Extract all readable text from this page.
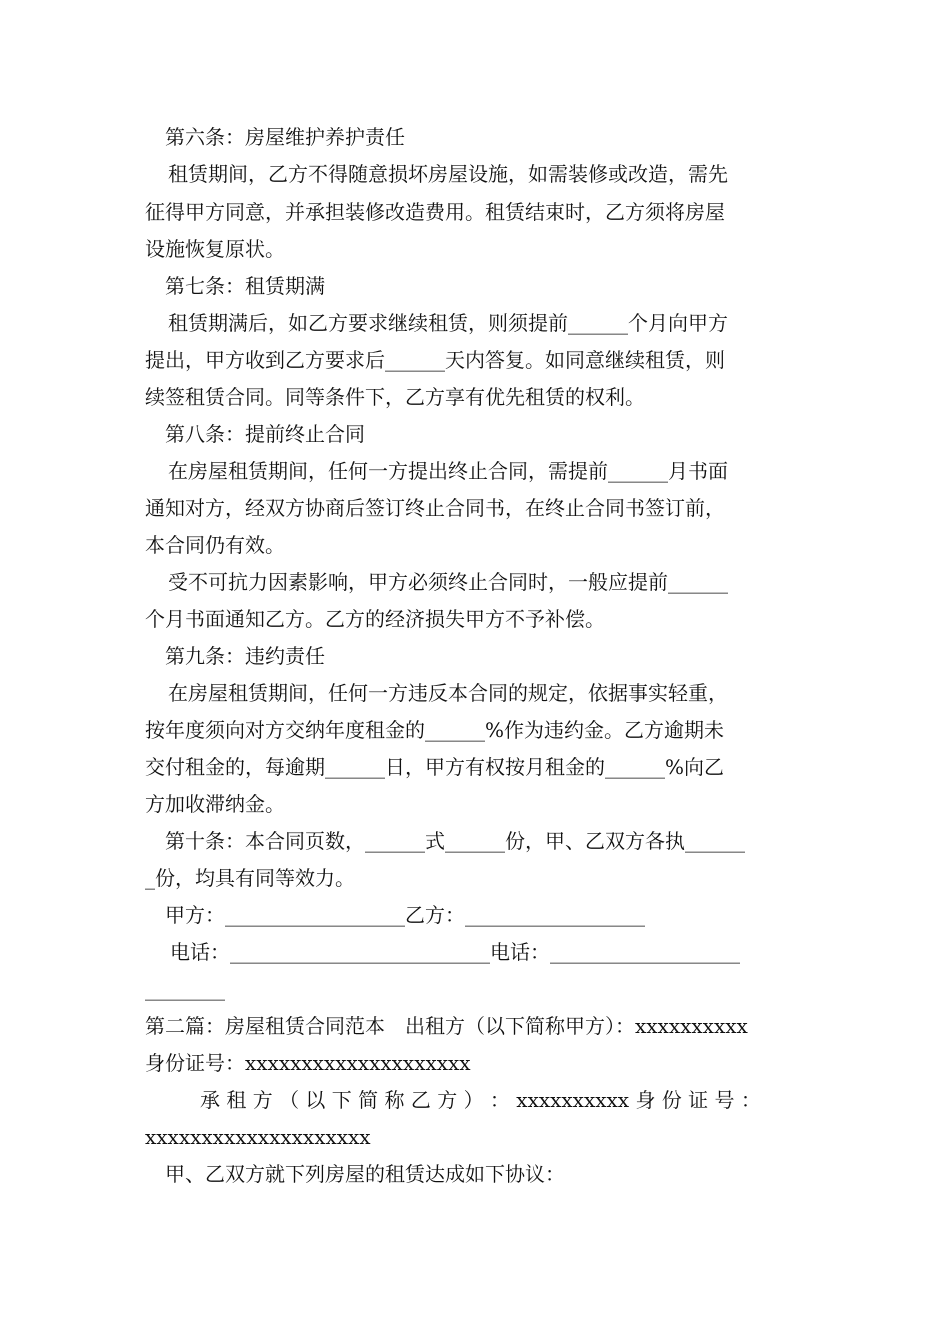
第六条：房屋维护养护责任
租赁期间，乙方不得随意损坏房屋设施，如需装修或改造，需先
征得甲方同意，并承担装修改造费用。租赁结束时，乙方须将房屋
设施恢复原状。
第七条：租赁期满
租赁期满后，如乙方要求继续租赁，则须提前______个月向甲方
提出，甲方收到乙方要求后______天内答复。如同意继续租赁，则
续签租赁合同。同等条件下，乙方享有优先租赁的权利。
第八条：提前终止合同
在房屋租赁期间，任何一方提出终止合同，需提前______月书面
通知对方，经双方协商后签订终止合同书，在终止合同书签订前，
本合同仍有效。
受不可抗力因素影响，甲方必须终止合同时，一般应提前______
个月书面通知乙方。乙方的经济损失甲方不予补偿。
第九条：违约责任
在房屋租赁期间，任何一方违反本合同的规定，依据事实轻重，
按年度须向对方交纳年度租金的______%作为违约金。乙方逾期未
交付租金的，每逾期______日，甲方有权按月租金的______%向乙
方加收滞纳金。
第十条：本合同页数，______式______份，甲、乙双方各执______
_份，均具有同等效力。
甲方：__________________乙方：__________________
电话：__________________________电话：___________________
________
第二篇：房屋租赁合同范本　出租方（以下简称甲方）：xxxxxxxxxx
身份证号：xxxxxxxxxxxxxxxxxxxx
承 租 方 （ 以 下 简 称 乙 方 ） ： xxxxxxxxxx 身 份 证 号 ：
xxxxxxxxxxxxxxxxxxxx
甲、乙双方就下列房屋的租赁达成如下协议：
